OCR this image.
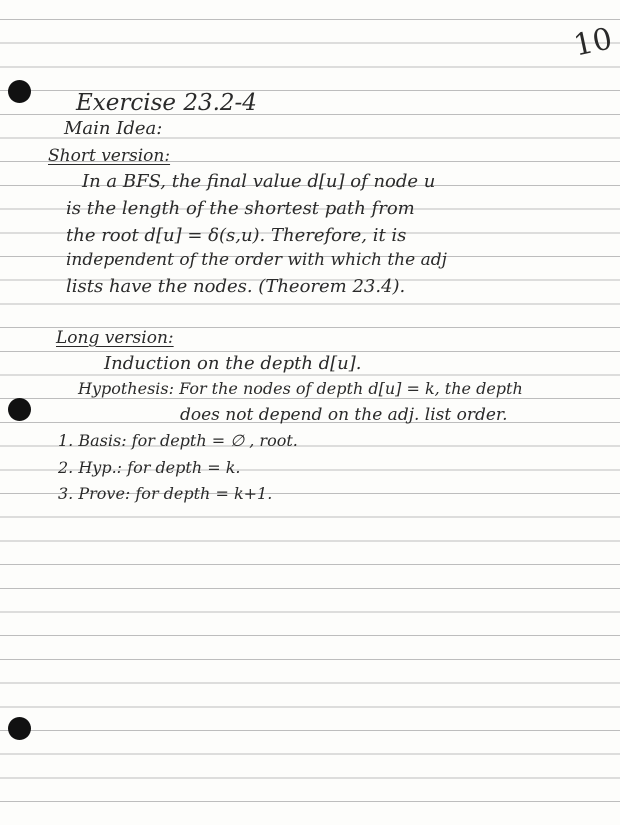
10
Exercise 23.2-4
Main Idea:
Short version:
In a BFS, the final value d[u] of node u
is the length of the shortest path from
the root d[u] = δ(s,u). Therefore, it is
independent of the order with which the adj
lists have the nodes. (Theorem 23.4).
Long version:
Induction on the depth d[u].
Hypothesis: For the nodes of depth d[u] = k, the depth
does not depend on the adj. list order.
1. Basis: for depth = ∅ , root.
2. Hyp.: for depth = k.
3. Prove: for depth = k+1.
